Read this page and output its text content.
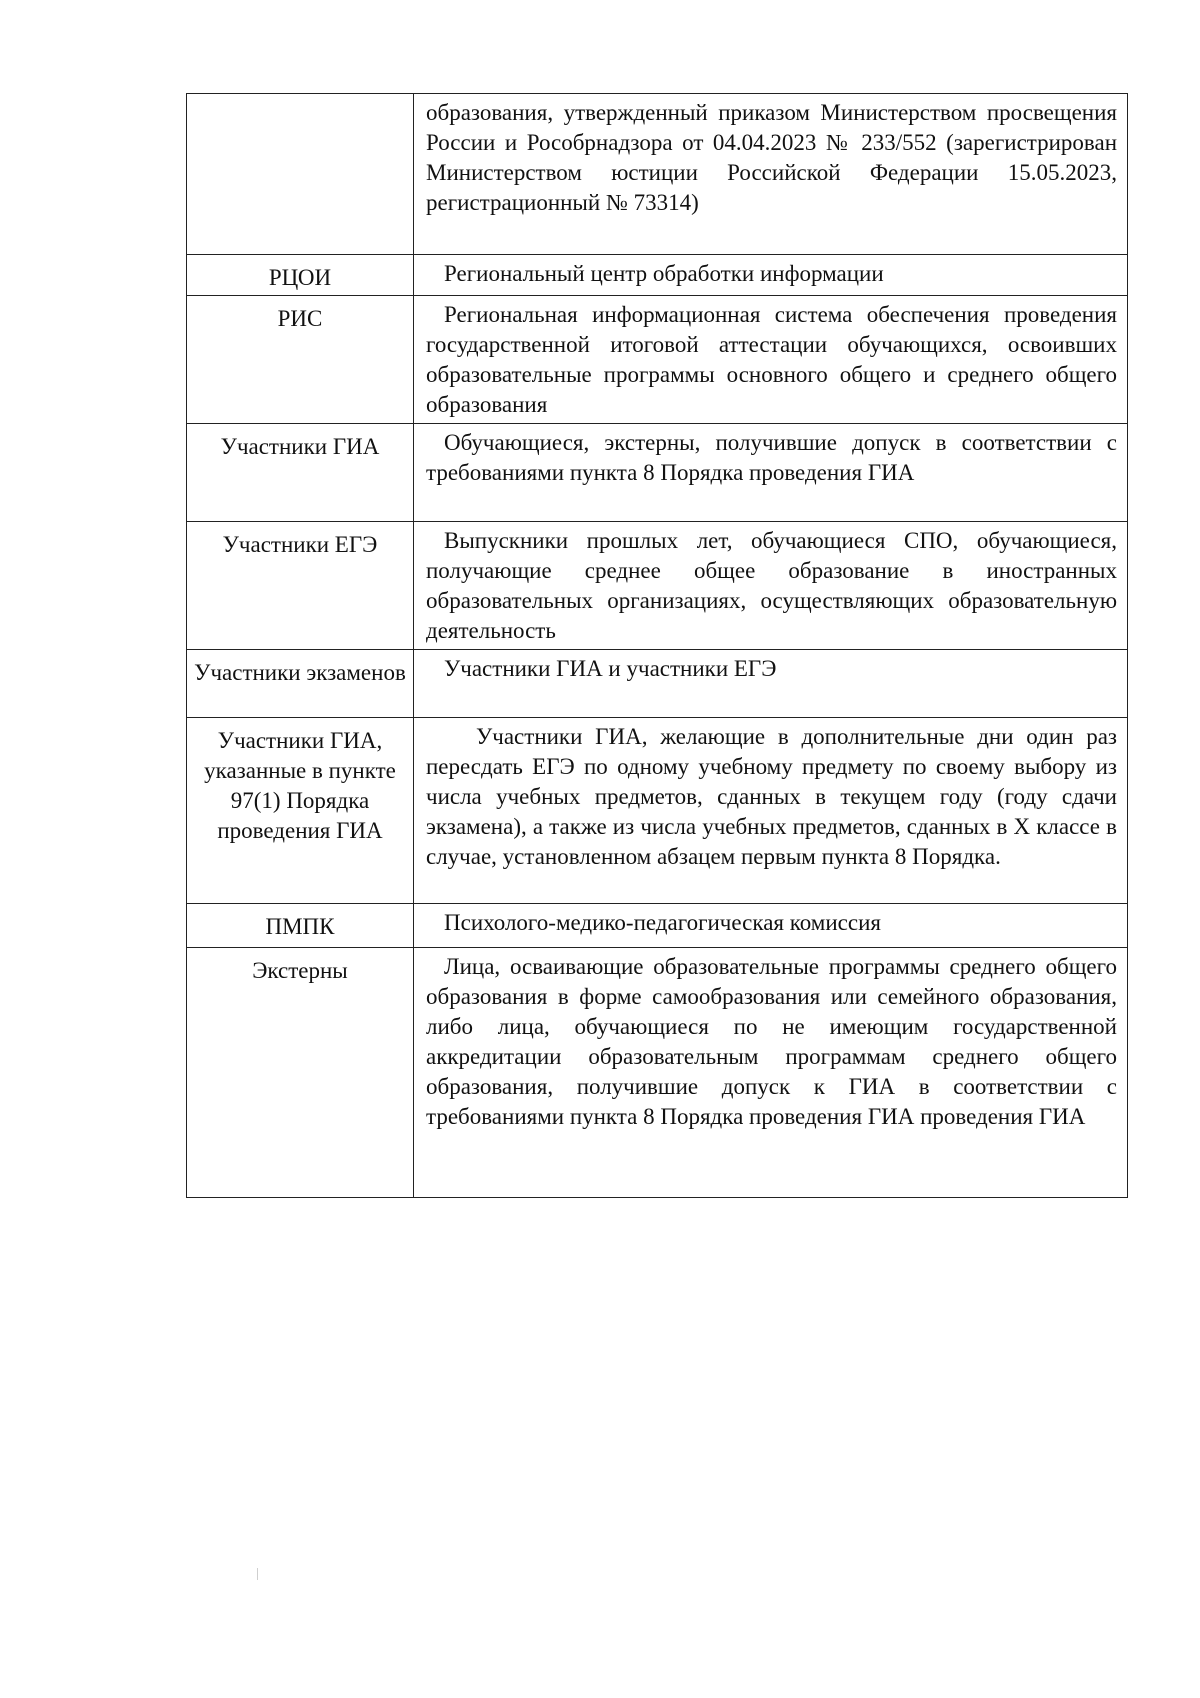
	образования, утвержденный приказом Министерством просвещения России и Рособрнадзора от 04.04.2023 № 233/552 (зарегистрирован Министерством юстиции Российской Федерации 15.05.2023, регистрационный № 73314)

РЦОИ	Региональный центр обработки информации

РИС	Региональная информационная система обеспечения проведения государственной итоговой аттестации обучающихся, освоивших образовательные программы основного общего и среднего общего образования

Участники ГИА	Обучающиеся, экстерны, получившие допуск в соответствии с требованиями пункта 8 Порядка проведения ГИА

Участники ЕГЭ	Выпускники прошлых лет, обучающиеся СПО, обучающиеся, получающие среднее общее образование в иностранных образовательных организациях, осуществляющих образовательную деятельность

Участники экзаменов	Участники ГИА и участники ЕГЭ

Участники ГИА, указанные в пункте 97(1) Порядка проведения ГИА	Участники ГИА, желающие в дополнительные дни один раз пересдать ЕГЭ по одному учебному предмету по своему выбору из числа учебных предметов, сданных в текущем году (году сдачи экзамена), а также из числа учебных предметов, сданных в X классе в случае, установленном абзацем первым пункта 8 Порядка.

ПМПК	Психолого-медико-педагогическая комиссия

Экстерны	Лица, осваивающие образовательные программы среднего общего образования в форме самообразования или семейного образования, либо лица, обучающиеся по не имеющим государственной аккредитации образовательным программам среднего общего образования, получившие допуск к ГИА в соответствии с требованиями пункта 8 Порядка проведения ГИА проведения ГИА
